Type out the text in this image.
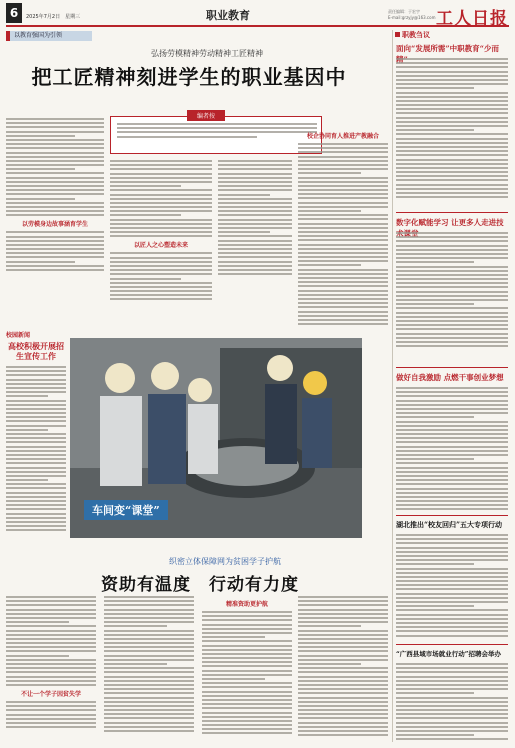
6	2025年7月2日　星期三	职业教育	责任编辑：于宏宇
E-mail:grzyjy@163.com 工人日报
以教育强国为引领
弘扬劳模精神劳动精神工匠精神
把工匠精神刻进学生的职业基因中
以劳模身边故事涵育学生
编者按
以匠人之心塑造未来
校企协同育人推进产教融合
校园新闻
高校积极开展招生宣传工作
车间变“课堂”
织密立体保障网为贫困学子护航
资助有温度　行动有力度
不让一个学子因贫失学
精准资助更护航
职教刍议
面向“发展所需”中职教育“少而
数字化赋能学习 让更多人走进技
做好自我激励 点燃干事创业梦想
湖北推出“校友回归”五大专项行动
“广西县域市场就业行动”招聘会举办
